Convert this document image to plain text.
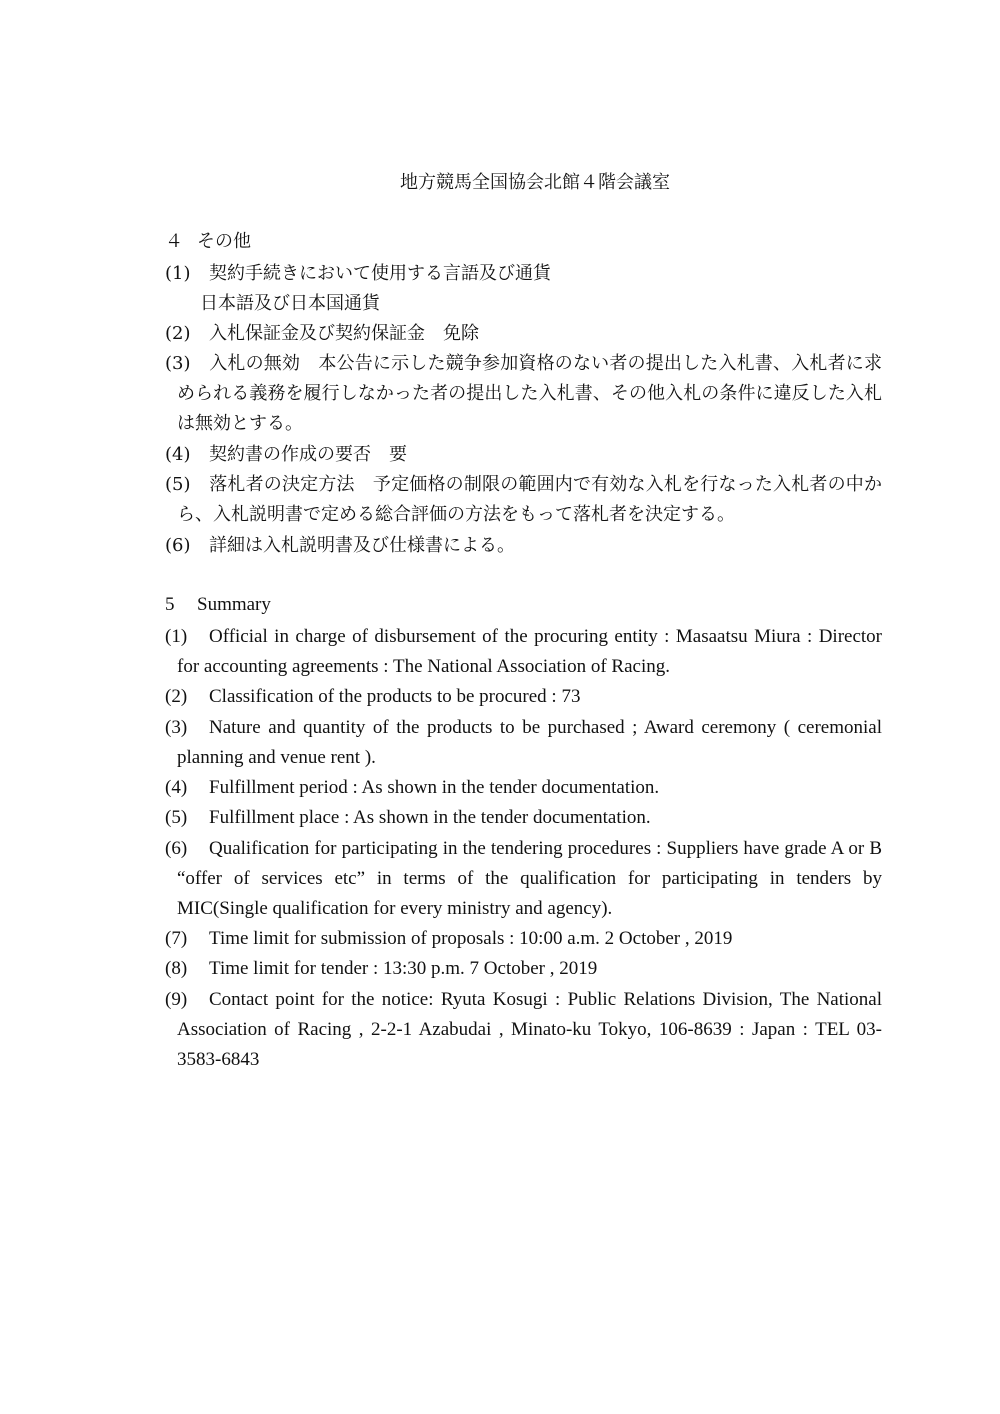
地方競馬全国協会北館４階会議室
４ その他
(1)	契約手続きにおいて使用する言語及び通貨
日本語及び日本国通貨
(2)	入札保証金及び契約保証金　免除
(3)	入札の無効　本公告に示した競争参加資格のない者の提出した入札書、入札者に求められる義務を履行しなかった者の提出した入札書、その他入札の条件に違反した入札は無効とする。
(4)	契約書の作成の要否　要
(5)	落札者の決定方法　予定価格の制限の範囲内で有効な入札を行なった入札者の中から、入札説明書で定める総合評価の方法をもって落札者を決定する。
(6)	詳細は入札説明書及び仕様書による。
5 Summary
(1)	Official in charge of disbursement of the procuring entity : Masaatsu Miura : Director　for accounting agreements : The National Association of Racing.
(2)	Classification of the products to be procured : 73
(3)	Nature and quantity of the products to be purchased ; Award ceremony ( ceremonial planning and venue rent ).
(4)	Fulfillment period : As shown in the tender documentation.
(5)	Fulfillment place : As shown in the tender documentation.
(6)	Qualification for participating in the tendering procedures : Suppliers have grade A or B “offer of services etc” in terms of the qualification for participating in tenders by MIC(Single qualification for every ministry and agency).
(7)	Time limit for submission of proposals : 10:00 a.m. 2 October , 2019
(8)	Time limit for tender : 13:30 p.m. 7 October , 2019
(9)	Contact point for the notice: Ryuta Kosugi : Public Relations Division, The National Association of Racing , 2-2-1 Azabudai , Minato-ku Tokyo, 106-8639 : Japan : TEL 03-3583-6843
